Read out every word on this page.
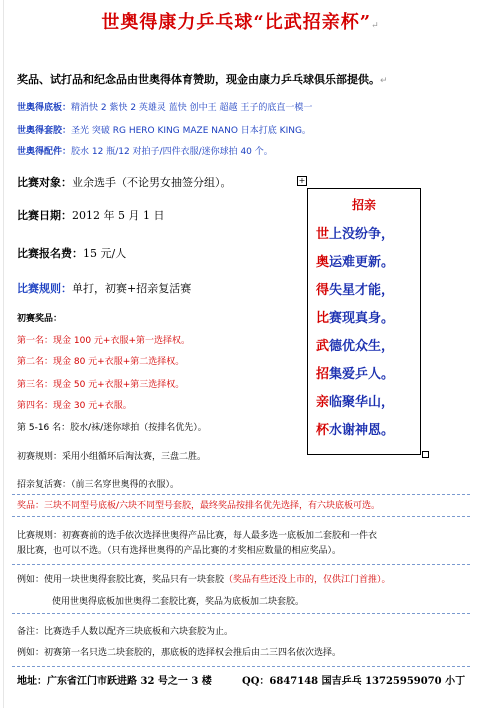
世奥得康力乒乓球“比武招亲杯”↵
奖品、试打品和纪念品由世奥得体育赞助，现金由康力乒乓球俱乐部提供。↵
世奥得底板：精消快 2 紫快 2 英雄灵 蓝快 创中王 超越 王子的底直一模一
世奥得套胶：圣光 突破 RG HERO KING MAZE NANO 日本打底 KING。
世奥得配件：胶水 12 瓶/12 对拍子/四件衣服/迷你球拍 40 个。
比赛对象：业余选手（不论男女抽签分组）。
比赛日期：2012 年 5 月 1 日
比赛报名费：15 元/人
比赛规则：单打，初赛+招亲复活赛
初赛奖品：
第一名：现金 100 元+衣服+第一选择权。
第二名：现金 80 元+衣服+第二选择权。
第三名：现金 50 元+衣服+第三选择权。
第四名：现金 30 元+衣服。
第 5-16 名：胶水/袜/迷你球拍（按排名优先）。
初赛规则：采用小组循环后淘汰赛，三盘二胜。
招亲复活赛：（前三名穿世奥得的衣服）。
奖品：三块不同型号底板/六块不同型号套胶，最终奖品按排名优先选择，有六块底板可选。
比赛规则：初赛赛前的选手依次选择世奥得产品比赛，每人最多选一底板加二套胶和一件衣
服比赛，也可以不选。（只有选择世奥得的产品比赛的才奖相应数量的相应奖品）。
例如：使用一块世奥得套胶比赛，奖品只有一块套胶（奖品有些还没上市的，仅供江门首推）。
使用世奥得底板加世奥得二套胶比赛，奖品为底板加二块套胶。
备注：比赛选手人数以配齐三块底板和六块套胶为止。
例如：初赛第一名只选二块套胶的，那底板的选择权会推后由二三四名依次选择。
地址：广东省江门市跃进路 32 号之一 3 楼	QQ：6847148 国吉乒乓 13725959070 小丁
+
招亲
世上没纷争，
奥运难更新。
得失星才能，
比赛现真身。
武德优众生，
招集爱乒人。
亲临聚华山，
杯水谢神恩。
